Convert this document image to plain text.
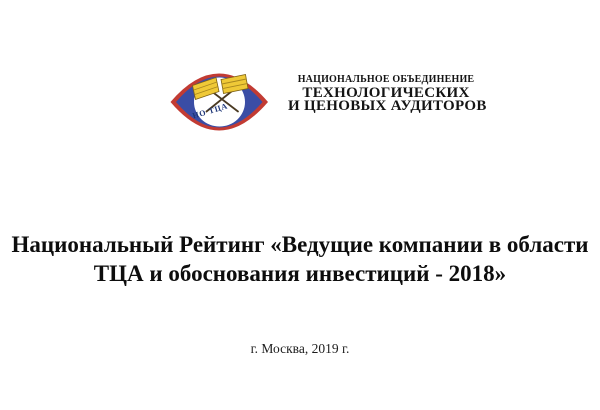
НО ТЦА
НАЦИОНАЛЬНОЕ ОБЪЕДИНЕНИЕ
ТЕХНОЛОГИЧЕСКИХ
И ЦЕНОВЫХ АУДИТОРОВ
Национальный Рейтинг «Ведущие компании в области
ТЦА и обоснования инвестиций - 2018»
г. Москва, 2019 г.
